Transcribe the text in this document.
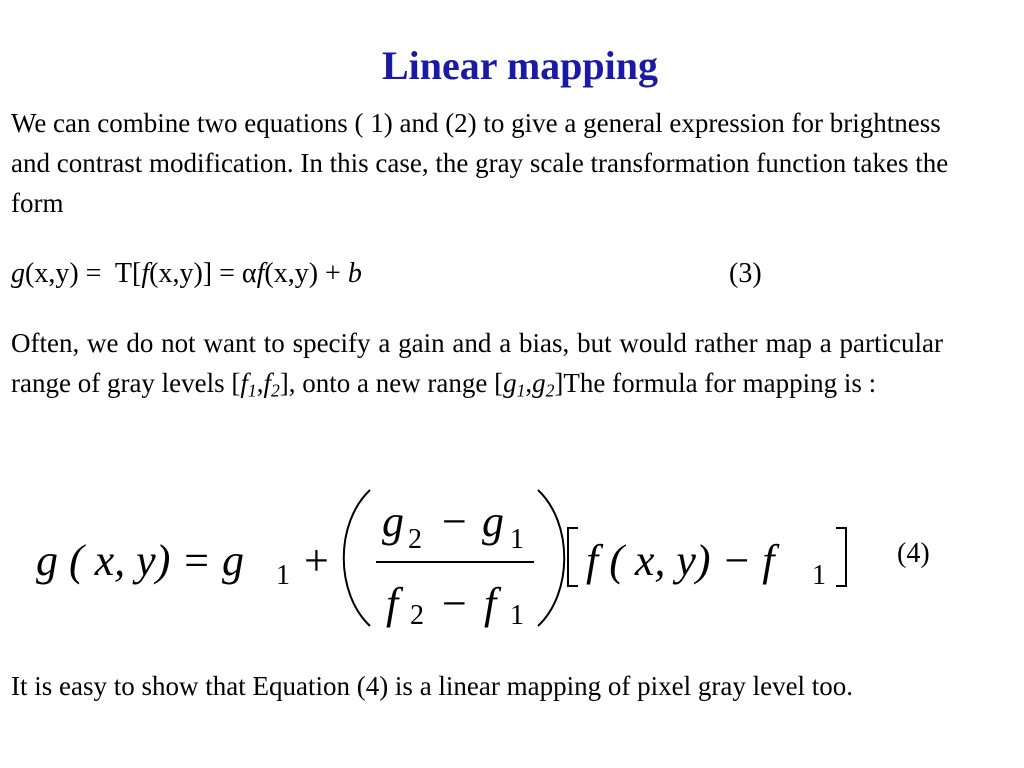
Linear mapping
We can combine two equations ( 1) and (2) to give a general expression for brightness and contrast modification. In this case, the gray scale transformation function takes the form
g(x,y) =  T[f(x,y)] = αf(x,y) + b	(3)
Often, we do not want to specify a gain and a bias, but would rather map a particular range of gray levels $[f_1,f_2]$, onto a new range $[g_1,g_2]The$ formula for mapping is :
g ( x, y) = g 1 +
g 2 − g 1
f 2 − f 1
f ( x, y) − f 1
(4)
It is easy to show that Equation (4) is a linear mapping of pixel gray level too.
